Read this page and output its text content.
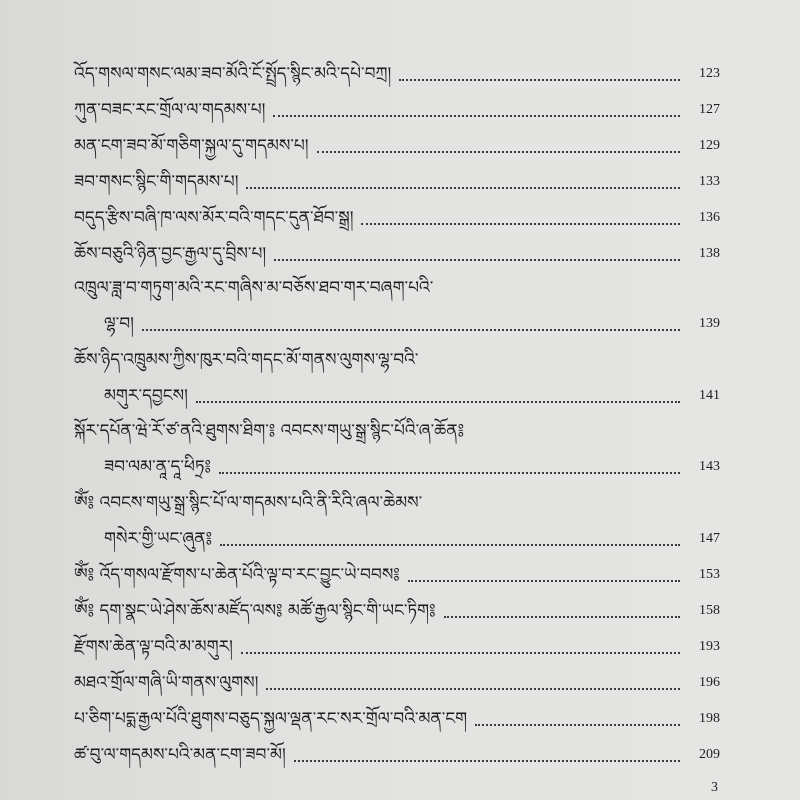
འོད་གསལ་གསང་ལམ་ཟབ་མོའི་ངོ་སྤྲོད་སྙིང་མའི་དཔེ་བཀྲ།	123
ཀུན་བཟང་རང་གྲོལ་ལ་གདམས་པ།	127
མན་ངག་ཟབ་མོ་གཅིག་སྐྱལ་དུ་གདམས་པ།	129
ཟབ་གསང་སྙིང་གི་གདམས་པ།	133
བདུད་རྩིས་བཞི་ཁ་ལས་མོར་བའི་གདང་དུན་ཐོབ་སྒྲ།	136
ཆོས་བཅུའི་ཉིན་བྱང་རྒྱལ་དུ་བྲིས་པ།	138
འཁྲུལ་ཟླ་བ་གཏུག་མའི་རང་གཞིས་མ་བཅོས་ཐབ་གར་བཞག་པའི་
ལྷ་བ།	139
ཆོས་ཉིད་འཁྲུམས་ཀྱིས་ཁུར་བའི་གདང་མོ་གནས་ལུགས་ལྷ་བའི་
མགུར་དབྱངས།	141
སྐོར་དཔོན་ཝེ་རོ་ཙ་ནའི་ཐུགས་ཐིག་༔ འབངས་གཡུ་སྒྲ་སྙིང་པོའི་ཞ་ཆོན༔
ཟབ་ལམ་ནཱ་དཱ་ཕིཏྲ༔	143
ༀ༔ འབངས་གཡུ་སྒྲ་སྙིང་པོ་ལ་གདམས་པའི་ནི་རིའི་ཞལ་ཆེམས་
གསེར་གྱི་ཡང་ཞུན༔	147
ༀ༔ འོད་གསལ་རྫོགས་པ་ཆེན་པོའི་ལྟ་བ་རང་བྱུང་ཡེ་བབས༔	153
ༀ༔ དག་སྣང་ཡེ་ཤེས་ཆོས་མཛོད་ལས༔ མཚོ་རྒྱལ་སྙིང་གི་ཡང་ཏིག༔	158
རྫོགས་ཆེན་ལྟ་བའི་མ་མགུར།	193
མཐའ་གྲོལ་གཞི་ཡི་གནས་ལུགས།	196
པ་ཅིག་པདྨ་རྒྱལ་པོའི་ཐུགས་བཅུད་སྐྱལ་ལྡན་རང་སར་གྲོལ་བའི་མན་ངག	198
ཚ་བུ་ལ་གདམས་པའི་མན་ངག་ཟབ་མོ།	209
3
